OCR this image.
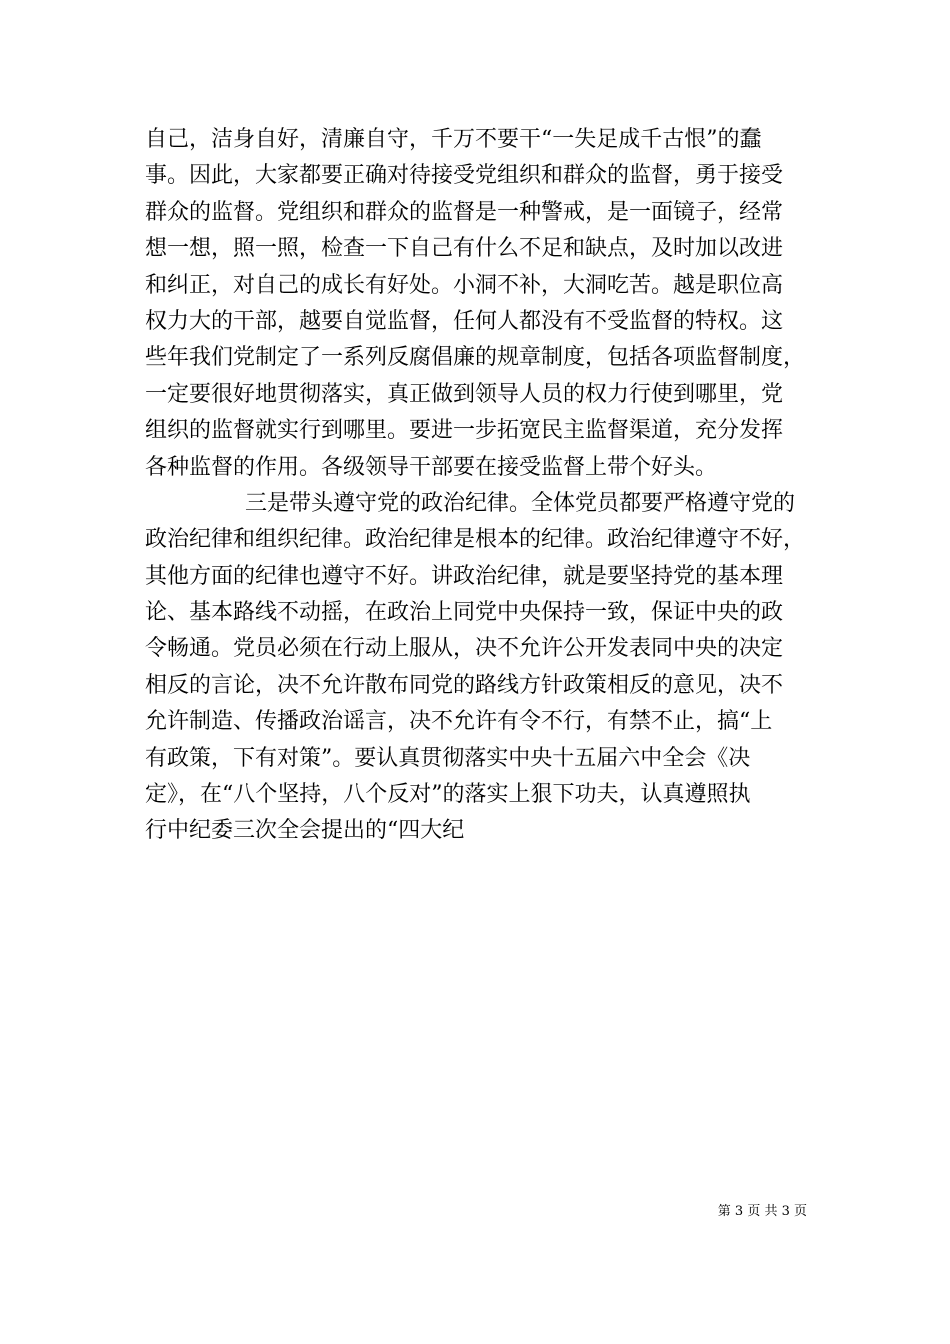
自己，洁身自好，清廉自守，千万不要干“一失足成千古恨”的蠢
事。因此，大家都要正确对待接受党组织和群众的监督，勇于接受
群众的监督。党组织和群众的监督是一种警戒，是一面镜子，经常
想一想，照一照，检查一下自己有什么不足和缺点，及时加以改进
和纠正，对自己的成长有好处。小洞不补，大洞吃苦。越是职位高
权力大的干部，越要自觉监督，任何人都没有不受监督的特权。这
些年我们党制定了一系列反腐倡廉的规章制度，包括各项监督制度，
一定要很好地贯彻落实，真正做到领导人员的权力行使到哪里，党
组织的监督就实行到哪里。要进一步拓宽民主监督渠道，充分发挥
各种监督的作用。各级领导干部要在接受监督上带个好头。
三是带头遵守党的政治纪律。全体党员都要严格遵守党的
政治纪律和组织纪律。政治纪律是根本的纪律。政治纪律遵守不好，
其他方面的纪律也遵守不好。讲政治纪律，就是要坚持党的基本理
论、基本路线不动摇，在政治上同党中央保持一致，保证中央的政
令畅通。党员必须在行动上服从，决不允许公开发表同中央的决定
相反的言论，决不允许散布同党的路线方针政策相反的意见，决不
允许制造、传播政治谣言，决不允许有令不行，有禁不止，搞“上
有政策，下有对策”。要认真贯彻落实中央十五届六中全会《决
定》，在“八个坚持，八个反对”的落实上狠下功夫，认真遵照执
行中纪委三次全会提出的“四大纪
第 3 页 共 3 页
